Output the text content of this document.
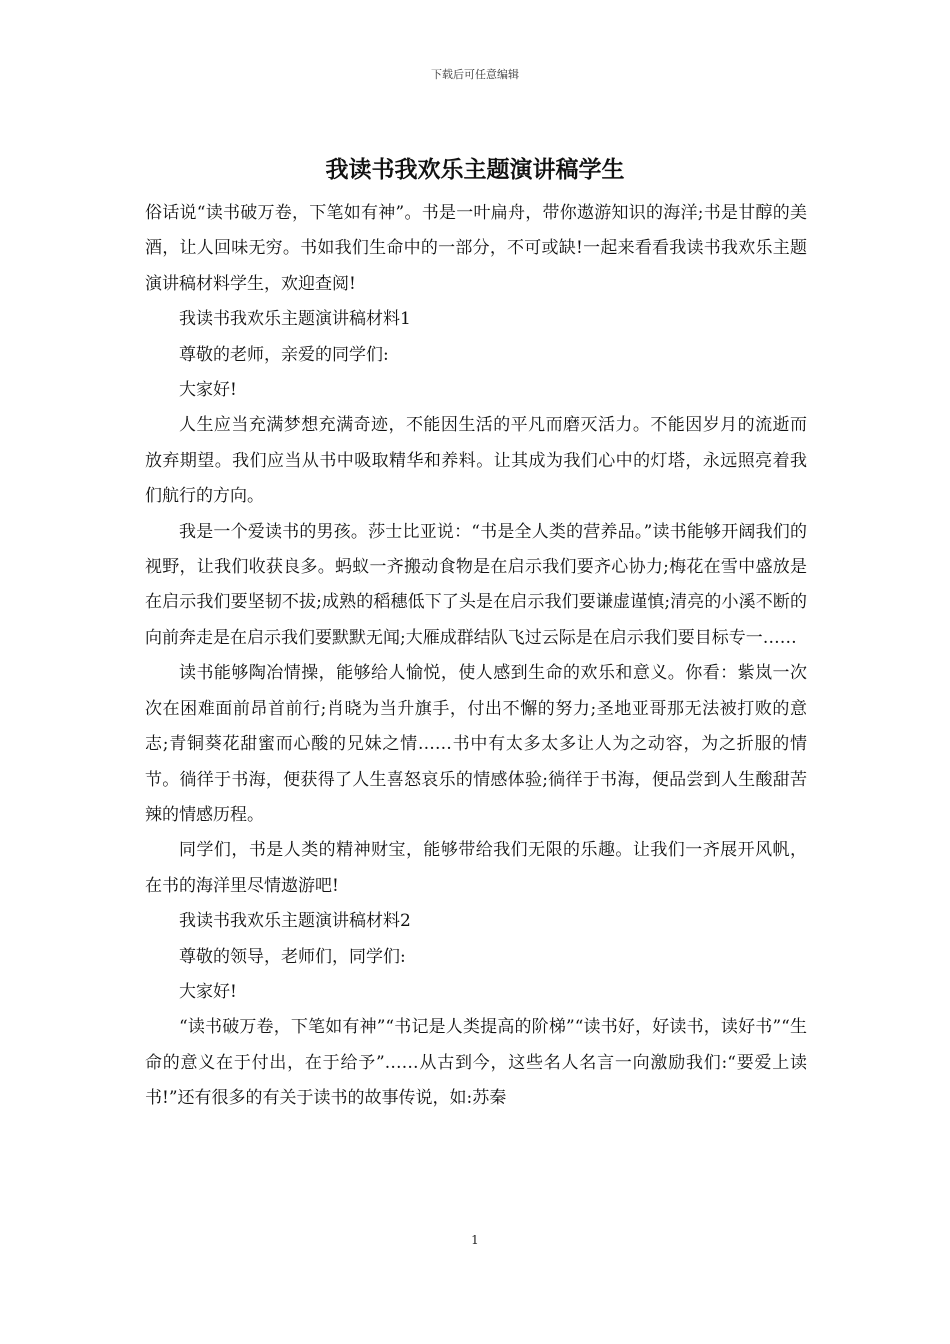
下载后可任意编辑
我读书我欢乐主题演讲稿学生

俗话说“读书破万卷，下笔如有神”。书是一叶扁舟，带你遨游知识的海洋;书是甘醇的美酒，让人回味无穷。书如我们生命中的一部分，不可或缺!一起来看看我读书我欢乐主题演讲稿材料学生，欢迎查阅!

我读书我欢乐主题演讲稿材料1

尊敬的老师，亲爱的同学们:

大家好!

人生应当充满梦想充满奇迹，不能因生活的平凡而磨灭活力。不能因岁月的流逝而放弃期望。我们应当从书中吸取精华和养料。让其成为我们心中的灯塔，永远照亮着我们航行的方向。

我是一个爱读书的男孩。莎士比亚说：“书是全人类的营养品。”读书能够开阔我们的视野，让我们收获良多。蚂蚁一齐搬动食物是在启示我们要齐心协力;梅花在雪中盛放是在启示我们要坚韧不拔;成熟的稻穗低下了头是在启示我们要谦虚谨慎;清亮的小溪不断的向前奔走是在启示我们要默默无闻;大雁成群结队飞过云际是在启示我们要目标专一……

读书能够陶冶情操，能够给人愉悦，使人感到生命的欢乐和意义。你看：紫岚一次次在困难面前昂首前行;肖晓为当升旗手，付出不懈的努力;圣地亚哥那无法被打败的意志;青铜葵花甜蜜而心酸的兄妹之情……书中有太多太多让人为之动容，为之折服的情节。徜徉于书海，便获得了人生喜怒哀乐的情感体验;徜徉于书海，便品尝到人生酸甜苦辣的情感历程。

同学们，书是人类的精神财宝，能够带给我们无限的乐趣。让我们一齐展开风帆，在书的海洋里尽情遨游吧!

我读书我欢乐主题演讲稿材料2

尊敬的领导，老师们，同学们:

大家好!

“读书破万卷，下笔如有神”“书记是人类提高的阶梯”“读书好，好读书，读好书”“生命的意义在于付出，在于给予”……从古到今，这些名人名言一向激励我们:“要爱上读书!”还有很多的有关于读书的故事传说，如:苏秦

1
